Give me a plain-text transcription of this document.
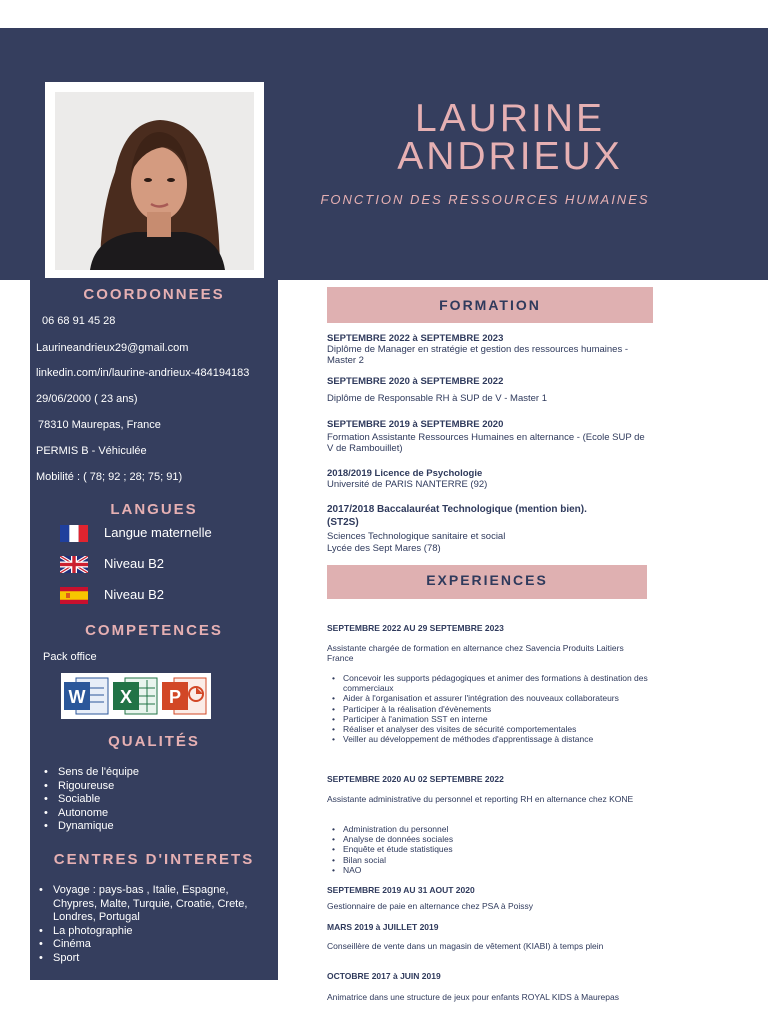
LAURINE
ANDRIEUX
FONCTION DES RESSOURCES HUMAINES
COORDONNEES
06 68 91 45 28
Laurineandrieux29@gmail.com
linkedin.com/in/laurine-andrieux-484194183
29/06/2000 ( 23 ans)
78310 Maurepas, France
PERMIS B - Véhiculée
Mobilité : ( 78; 92 ; 28; 75; 91)
LANGUES
Langue maternelle
Niveau B2
Niveau B2
COMPETENCES
Pack office
W X P
QUALITÉS
• Sens de l'équipe
• Rigoureuse
• Sociable
• Autonome
• Dynamique
CENTRES D'INTERETS
• Voyage : pays-bas , Italie, Espagne, Chypres, Malte, Turquie, Croatie, Crete, Londres, Portugal
• La photographie
• Cinéma
• Sport
FORMATION
SEPTEMBRE 2022 à SEPTEMBRE 2023
Diplôme de Manager en stratégie et gestion des ressources humaines - Master 2
SEPTEMBRE 2020 à SEPTEMBRE 2022
Diplôme de Responsable RH à SUP de V - Master 1
SEPTEMBRE 2019 à SEPTEMBRE 2020
Formation Assistante Ressources Humaines en alternance - (Ecole SUP de V de Rambouillet)
2018/2019 Licence de Psychologie
Université de PARIS NANTERRE (92)
2017/2018 Baccalauréat Technologique (mention bien).
(ST2S)
Sciences Technologique sanitaire et social
Lycée des Sept Mares (78)
EXPERIENCES
SEPTEMBRE 2022 AU 29 SEPTEMBRE 2023
Assistante chargée de formation en alternance chez Savencia Produits Laitiers France
• Concevoir les supports pédagogiques et animer des formations à destination des commerciaux
• Aider à l'organisation et assurer l'intégration des nouveaux collaborateurs
• Participer à la réalisation d'évènements
• Participer à l'animation SST en interne
• Réaliser et analyser des visites de sécurité comportementales
• Veiller au développement de méthodes d'apprentissage à distance
SEPTEMBRE 2020 AU 02 SEPTEMBRE 2022
Assistante administrative du personnel et reporting RH en alternance chez KONE
• Administration du personnel
• Analyse de données sociales
• Enquête et étude statistiques
• Bilan social
• NAO
SEPTEMBRE 2019 AU 31 AOUT 2020
Gestionnaire de paie en alternance chez PSA à Poissy
MARS 2019 à JUILLET 2019
Conseillère de vente dans un magasin de vêtement (KIABI) à temps plein
OCTOBRE 2017 à JUIN 2019
Animatrice dans une structure de jeux pour enfants ROYAL KIDS à Maurepas
